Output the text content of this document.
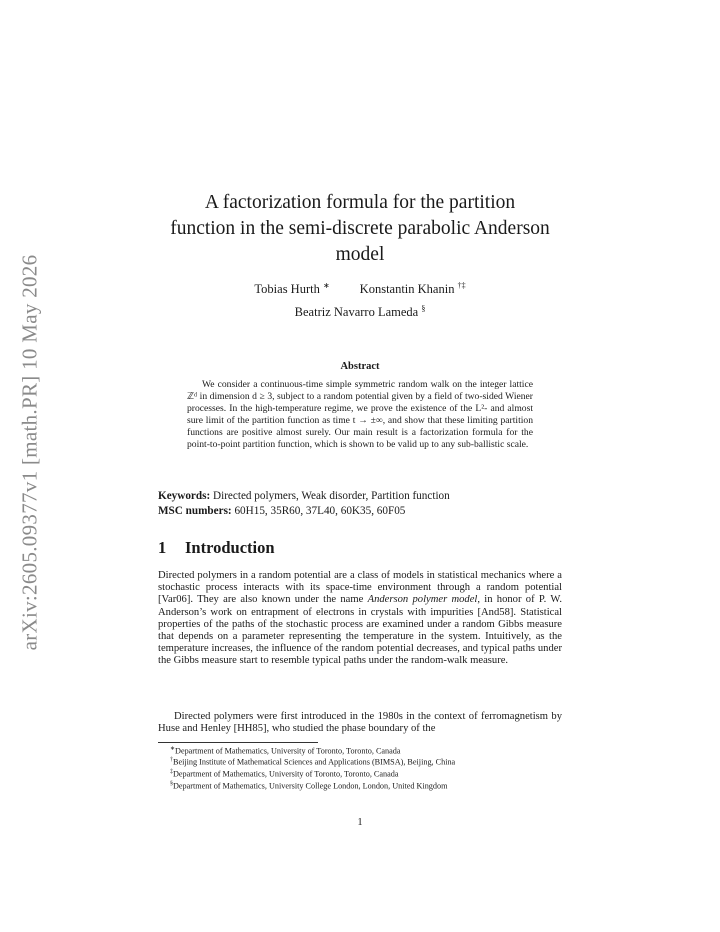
arXiv:2605.09377v1 [math.PR] 10 May 2026
A factorization formula for the partition
function in the semi-discrete parabolic Anderson
model
Tobias Hurth ∗ Konstantin Khanin †‡
Beatriz Navarro Lameda §
Abstract
We consider a continuous-time simple symmetric random walk on the integer lattice ℤᵈ in dimension d ≥ 3, subject to a random potential given by a field of two-sided Wiener processes. In the high-temperature regime, we prove the existence of the L²- and almost sure limit of the partition function as time t → ±∞, and show that these limiting partition functions are positive almost surely. Our main result is a factorization formula for the point-to-point partition function, which is shown to be valid up to any sub-ballistic scale.
Keywords: Directed polymers, Weak disorder, Partition function
MSC numbers: 60H15, 35R60, 37L40, 60K35, 60F05
1 Introduction
Directed polymers in a random potential are a class of models in statistical mechanics where a stochastic process interacts with its space-time environment through a random potential [Var06]. They are also known under the name Anderson polymer model, in honor of P. W. Anderson’s work on entrapment of electrons in crystals with impurities [And58]. Statistical properties of the paths of the stochastic process are examined under a random Gibbs measure that depends on a parameter representing the temperature in the system. Intuitively, as the temperature increases, the influence of the random potential decreases, and typical paths under the Gibbs measure start to resemble typical paths under the random-walk measure.
Directed polymers were first introduced in the 1980s in the context of ferromagnetism by Huse and Henley [HH85], who studied the phase boundary of the
∗Department of Mathematics, University of Toronto, Toronto, Canada
†Beijing Institute of Mathematical Sciences and Applications (BIMSA), Beijing, China
‡Department of Mathematics, University of Toronto, Toronto, Canada
§Department of Mathematics, University College London, London, United Kingdom
1
